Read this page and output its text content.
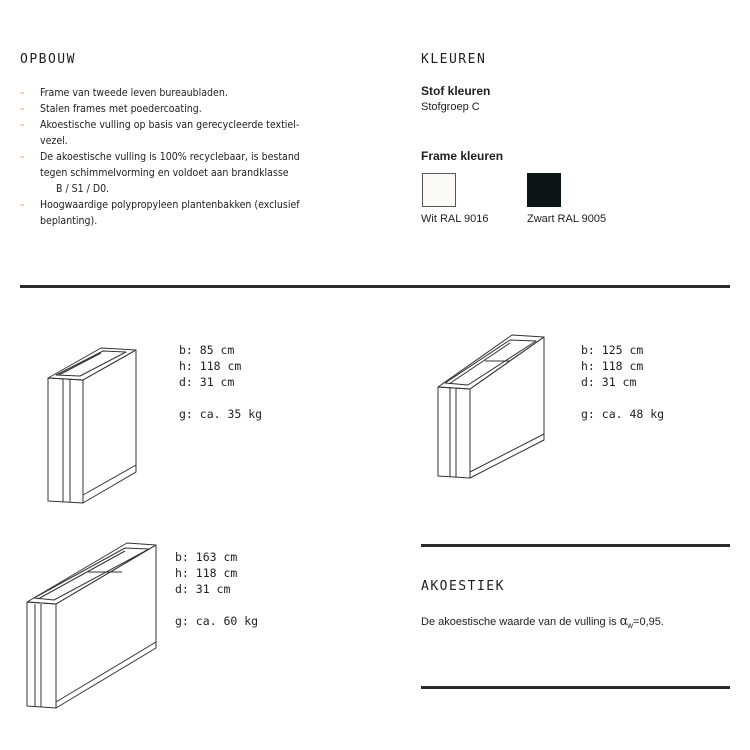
OPBOUW
– Frame van tweede leven bureaubladen.
– Stalen frames met poedercoating.
– Akoestische vulling op basis van gerecycleerde textiel-
vezel.
– De akoestische vulling is 100% recyclebaar, is bestand
tegen schimmelvorming en voldoet aan brandklasse
B / S1 / D0.
– Hoogwaardige polypropyleen plantenbakken (exclusief
beplanting).
KLEUREN
Stof kleuren
Stofgroep C
Frame kleuren
Wit RAL 9016	Zwart RAL 9005
b: 85 cm
h: 118 cm
d: 31 cm

g: ca. 35 kg
b: 125 cm
h: 118 cm
d: 31 cm

g: ca. 48 kg
b: 163 cm
h: 118 cm
d: 31 cm

g: ca. 60 kg
AKOESTIEK
De akoestische waarde van de vulling is $\alpha_w=0,95$.
